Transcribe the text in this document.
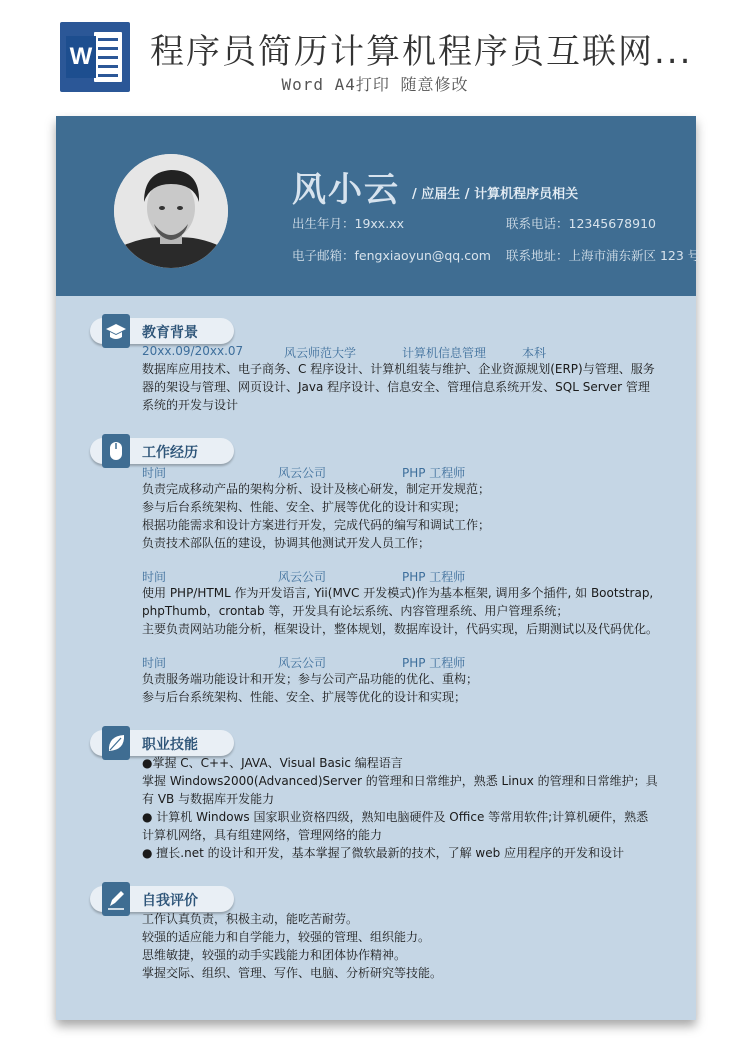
W 程序员简历计算机程序员互联网...
Word A4打印 随意修改
风小云 / 应届生 / 计算机程序员相关
出生年月：19xx.xx	联系电话：12345678910
电子邮箱：fengxiaoyun@qq.com 联系地址：上海市浦东新区 123 号
教育背景
20xx.09/20xx.07	风云师范大学	计算机信息管理	本科
数据库应用技术、电子商务、C 程序设计、计算机组装与维护、企业资源规划(ERP)与管理、服务
器的架设与管理、网页设计、Java 程序设计、信息安全、管理信息系统开发、SQL Server 管理
系统的开发与设计
工作经历
时间	风云公司	PHP 工程师
负责完成移动产品的架构分析、设计及核心研发，制定开发规范；
参与后台系统架构、性能、安全、扩展等优化的设计和实现；
根据功能需求和设计方案进行开发，完成代码的编写和调试工作；
负责技术部队伍的建设，协调其他测试开发人员工作；
时间	风云公司	PHP 工程师
使用 PHP/HTML 作为开发语言, Yii(MVC 开发模式)作为基本框架, 调用多个插件, 如 Bootstrap,
phpThumb，crontab 等，开发具有论坛系统、内容管理系统、用户管理系统；
主要负责网站功能分析，框架设计，整体规划，数据库设计，代码实现，后期测试以及代码优化。
时间	风云公司	PHP 工程师
负责服务端功能设计和开发；参与公司产品功能的优化、重构；
参与后台系统架构、性能、安全、扩展等优化的设计和实现；
职业技能
●掌握 C、C++、JAVA、Visual Basic 编程语言
掌握 Windows2000(Advanced)Server 的管理和日常维护，熟悉 Linux 的管理和日常维护；具
有 VB 与数据库开发能力
● 计算机 Windows 国家职业资格四级，熟知电脑硬件及 Office 等常用软件;计算机硬件，熟悉
计算机网络，具有组建网络，管理网络的能力
● 擅长.net 的设计和开发，基本掌握了微软最新的技术，了解 web 应用程序的开发和设计
自我评价
工作认真负责，积极主动，能吃苦耐劳。
较强的适应能力和自学能力，较强的管理、组织能力。
思维敏捷，较强的动手实践能力和团体协作精神。
掌握交际、组织、管理、写作、电脑、分析研究等技能。
